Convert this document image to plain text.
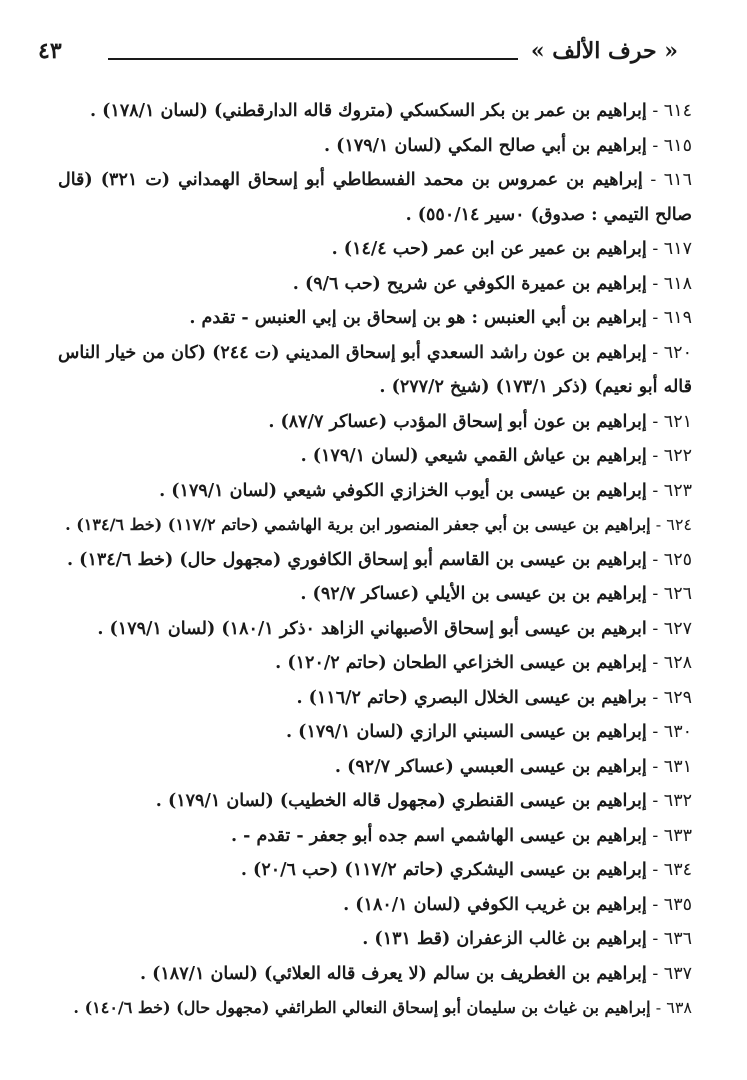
« حرف الألف »
٤٣
٦١٤ - إبراهيم بن عمر بن بكر السكسكي (متروك قاله الدارقطني) (لسان ١٧٨/١) .
٦١٥ - إبراهيم بن أبي صالح المكي (لسان ١٧٩/١) .
٦١٦ - إبراهيم بن عمروس بن محمد الفسطاطي أبو إسحاق الهمداني (ت ٣٢١) (قال صالح التيمي : صدوق) ٠سير ٥٥٠/١٤) .
٦١٧ - إبراهيم بن عمير عن ابن عمر (حب ١٤/٤) .
٦١٨ - إبراهيم بن عميرة الكوفي عن شريح (حب ٩/٦) .
٦١٩ - إبراهيم بن أبي العنبس : هو بن إسحاق بن إبي العنبس - تقدم .
٦٢٠ - إبراهيم بن عون راشد السعدي أبو إسحاق المديني (ت ٢٤٤) (كان من خيار الناس قاله أبو نعيم) (ذكر ١٧٣/١) (شيخ ٢٧٧/٢) .
٦٢١ - إبراهيم بن عون أبو إسحاق المؤدب (عساكر ٨٧/٧) .
٦٢٢ - إبراهيم بن عياش القمي شيعي (لسان ١٧٩/١) .
٦٢٣ - إبراهيم بن عيسى بن أيوب الخزازي الكوفي شيعي (لسان ١٧٩/١) .
٦٢٤ - إبراهيم بن عيسى بن أبي جعفر المنصور ابن برية الهاشمي (حاتم ١١٧/٢) (خط ١٣٤/٦) .
٦٢٥ - إبراهيم بن عيسى بن القاسم أبو إسحاق الكافوري (مجهول حال) (خط ١٣٤/٦) .
٦٢٦ - إبراهيم بن بن عيسى بن الأيلي (عساكر ٩٢/٧) .
٦٢٧ - ابرهيم بن عيسى أبو إسحاق الأصبهاني الزاهد ٠ذكر ١٨٠/١) (لسان ١٧٩/١) .
٦٢٨ - إبراهيم بن عيسى الخزاعي الطحان (حاتم ١٢٠/٢) .
٦٢٩ - براهيم بن عيسى الخلال البصري (حاتم ١١٦/٢) .
٦٣٠ - إبراهيم بن عيسى السبني الرازي (لسان ١٧٩/١) .
٦٣١ - إبراهيم بن عيسى العبسي (عساكر ٩٢/٧) .
٦٣٢ - إبراهيم بن عيسى القنطري (مجهول قاله الخطيب) (لسان ١٧٩/١) .
٦٣٣ - إبراهيم بن عيسى الهاشمي اسم جده أبو جعفر - تقدم - .
٦٣٤ - إبراهيم بن عيسى اليشكري (حاتم ١١٧/٢) (حب ٢٠/٦) .
٦٣٥ - إبراهيم بن غريب الكوفي (لسان ١٨٠/١) .
٦٣٦ - إبراهيم بن غالب الزعفران (قط ١٣١) .
٦٣٧ - إبراهيم بن الغطريف بن سالم (لا يعرف قاله العلائي) (لسان ١٨٧/١) .
٦٣٨ - إبراهيم بن غياث بن سليمان أبو إسحاق النعالي الطرائفي (مجهول حال) (خط ١٤٠/٦) .
